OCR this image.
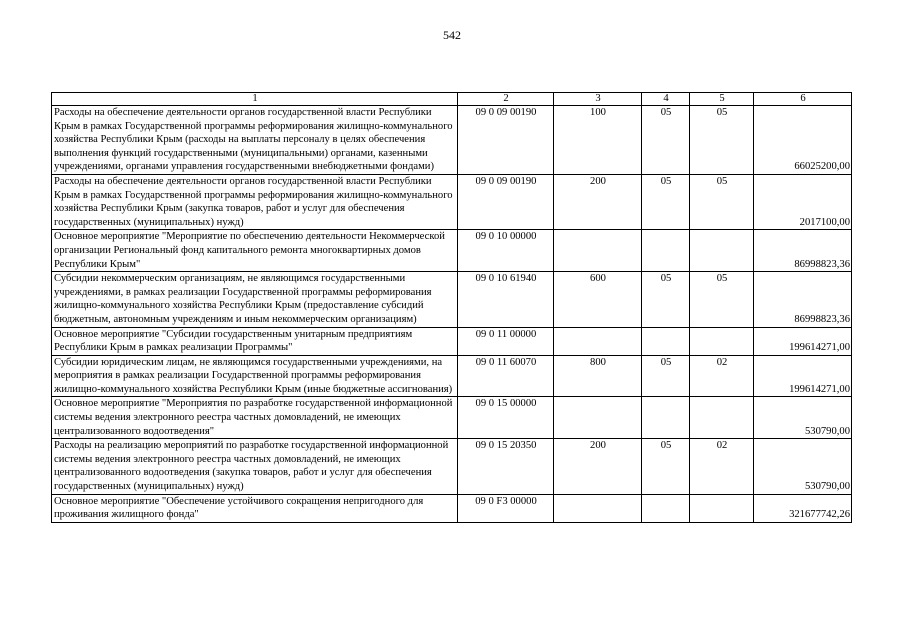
542
1	2	3	4	5	6
Расходы на обеспечение деятельности органов государственной власти Республики Крым в рамках Государственной программы реформирования жилищно-коммунального хозяйства Республики Крым (расходы на выплаты персоналу в целях обеспечения выполнения функций государственными (муниципальными) органами, казенными учреждениями, органами управления государственными внебюджетными фондами)	09 0 09 00190	100	05	05	66025200,00
Расходы на обеспечение деятельности органов государственной власти Республики Крым в рамках Государственной программы реформирования жилищно-коммунального хозяйства Республики Крым (закупка товаров, работ и услуг для обеспечения государственных (муниципальных) нужд)	09 0 09 00190	200	05	05	2017100,00
Основное мероприятие "Мероприятие по обеспечению деятельности Некоммерческой организации Региональный фонд капитального ремонта многоквартирных домов Республики Крым"	09 0 10 00000				86998823,36
Субсидии некоммерческим организациям, не являющимся государственными учреждениями, в рамках реализации Государственной программы реформирования жилищно-коммунального хозяйства Республики Крым (предоставление субсидий бюджетным, автономным учреждениям и иным некоммерческим организациям)	09 0 10 61940	600	05	05	86998823,36
Основное мероприятие "Субсидии государственным унитарным предприятиям Республики Крым в рамках реализации Программы"	09 0 11 00000				199614271,00
Субсидии юридическим лицам, не являющимся государственными учреждениями, на мероприятия в рамках реализации Государственной программы реформирования жилищно-коммунального хозяйства Республики Крым (иные бюджетные ассигнования)	09 0 11 60070	800	05	02	199614271,00
Основное мероприятие "Мероприятия по разработке государственной информационной системы ведения электронного реестра частных домовладений, не имеющих централизованного водоотведения"	09 0 15 00000				530790,00
Расходы на реализацию мероприятий по разработке государственной информационной системы ведения электронного реестра частных домовладений, не имеющих централизованного водоотведения (закупка товаров, работ и услуг для обеспечения государственных (муниципальных) нужд)	09 0 15 20350	200	05	02	530790,00
Основное мероприятие "Обеспечение устойчивого сокращения непригодного для проживания жилищного фонда"	09 0 F3 00000				321677742,26
